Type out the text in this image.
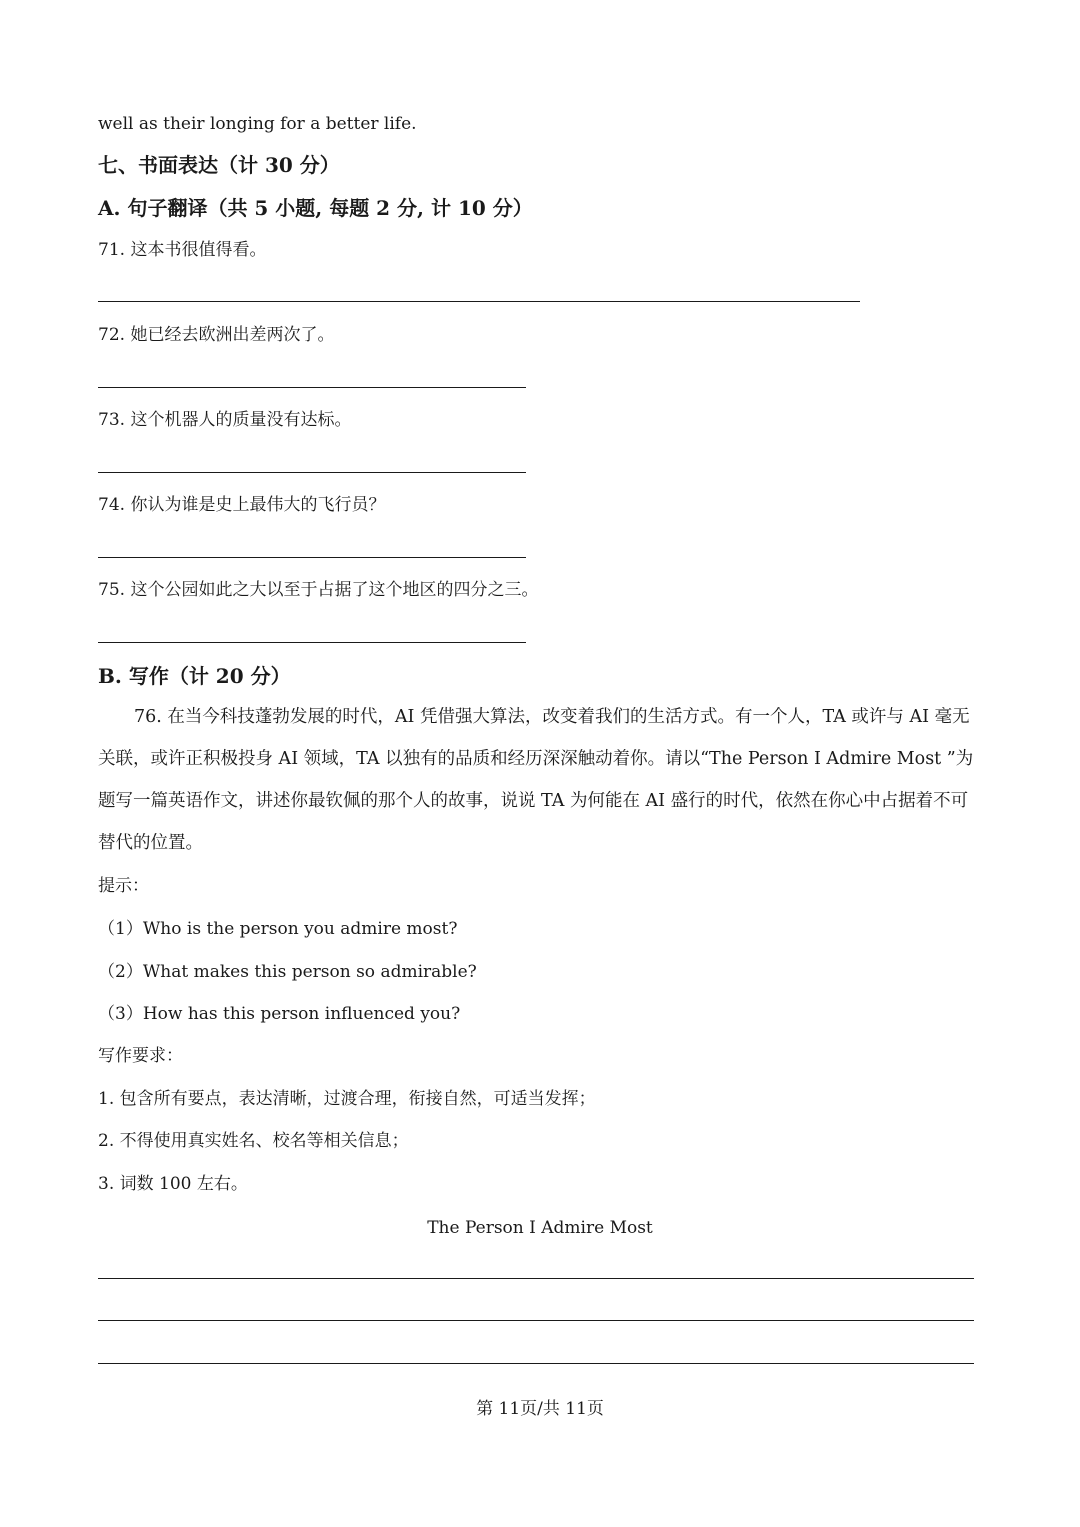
well as their longing for a better life.
七、书面表达（计 30 分）
A. 句子翻译（共 5 小题, 每题 2 分, 计 10 分）
71. 这本书很值得看。
72. 她已经去欧洲出差两次了。
73. 这个机器人的质量没有达标。
74. 你认为谁是史上最伟大的飞行员？
75. 这个公园如此之大以至于占据了这个地区的四分之三。
B. 写作（计 20 分）
76. 在当今科技蓬勃发展的时代，AI 凭借强大算法，改变着我们的生活方式。有一个人，TA 或许与 AI 毫无关联，或许正积极投身 AI 领域，TA 以独有的品质和经历深深触动着你。请以“The Person I Admire Most ”为题写一篇英语作文，讲述你最钦佩的那个人的故事，说说 TA 为何能在 AI 盛行的时代，依然在你心中占据着不可替代的位置。
提示：
（1）Who is the person you admire most?
（2）What makes this person so admirable?
（3）How has this person influenced you?
写作要求：
1. 包含所有要点，表达清晰，过渡合理，衔接自然，可适当发挥；
2. 不得使用真实姓名、校名等相关信息；
3. 词数 100 左右。
The Person I Admire Most
第 11页/共 11页
